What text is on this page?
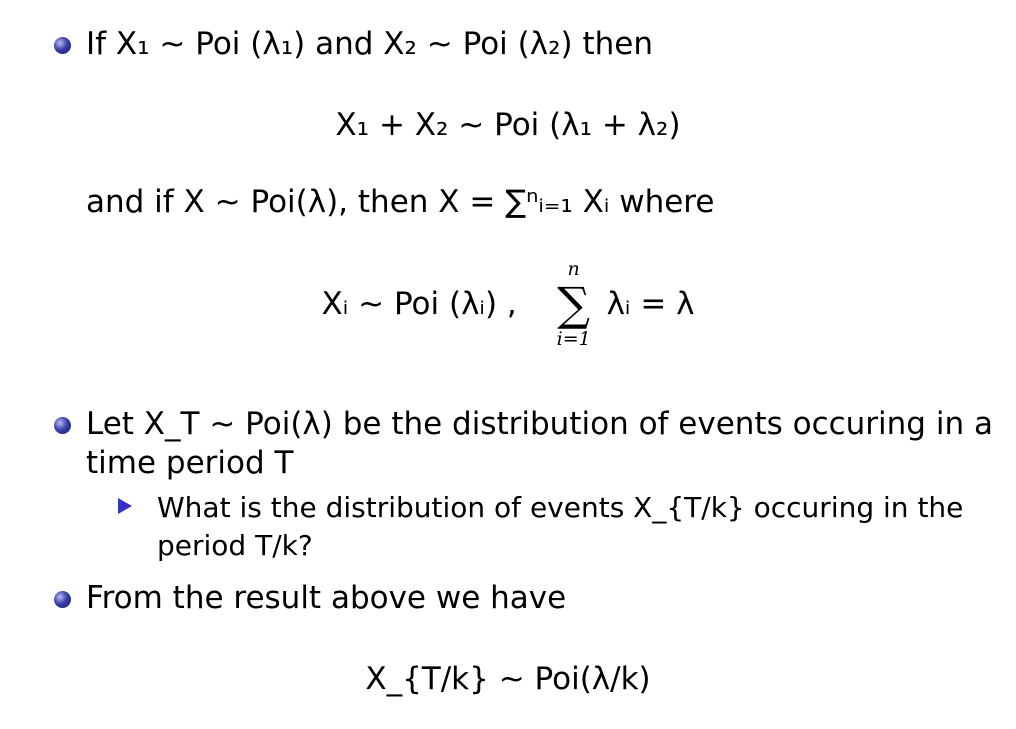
If X₁ ∼ Poi (λ₁) and X₂ ∼ Poi (λ₂) then
X₁ + X₂ ∼ Poi (λ₁ + λ₂)
and if X ∼ Poi(λ), then X = ∑ⁿᵢ₌₁ Xᵢ where
Xᵢ ∼ Poi (λᵢ) ,
n
∑
i=1
λᵢ = λ
Let X_T ∼ Poi(λ) be the distribution of events occuring in a
time period T
What is the distribution of events X_{T/k} occuring in the
period T/k?
From the result above we have
X_{T/k} ∼ Poi(λ/k)
